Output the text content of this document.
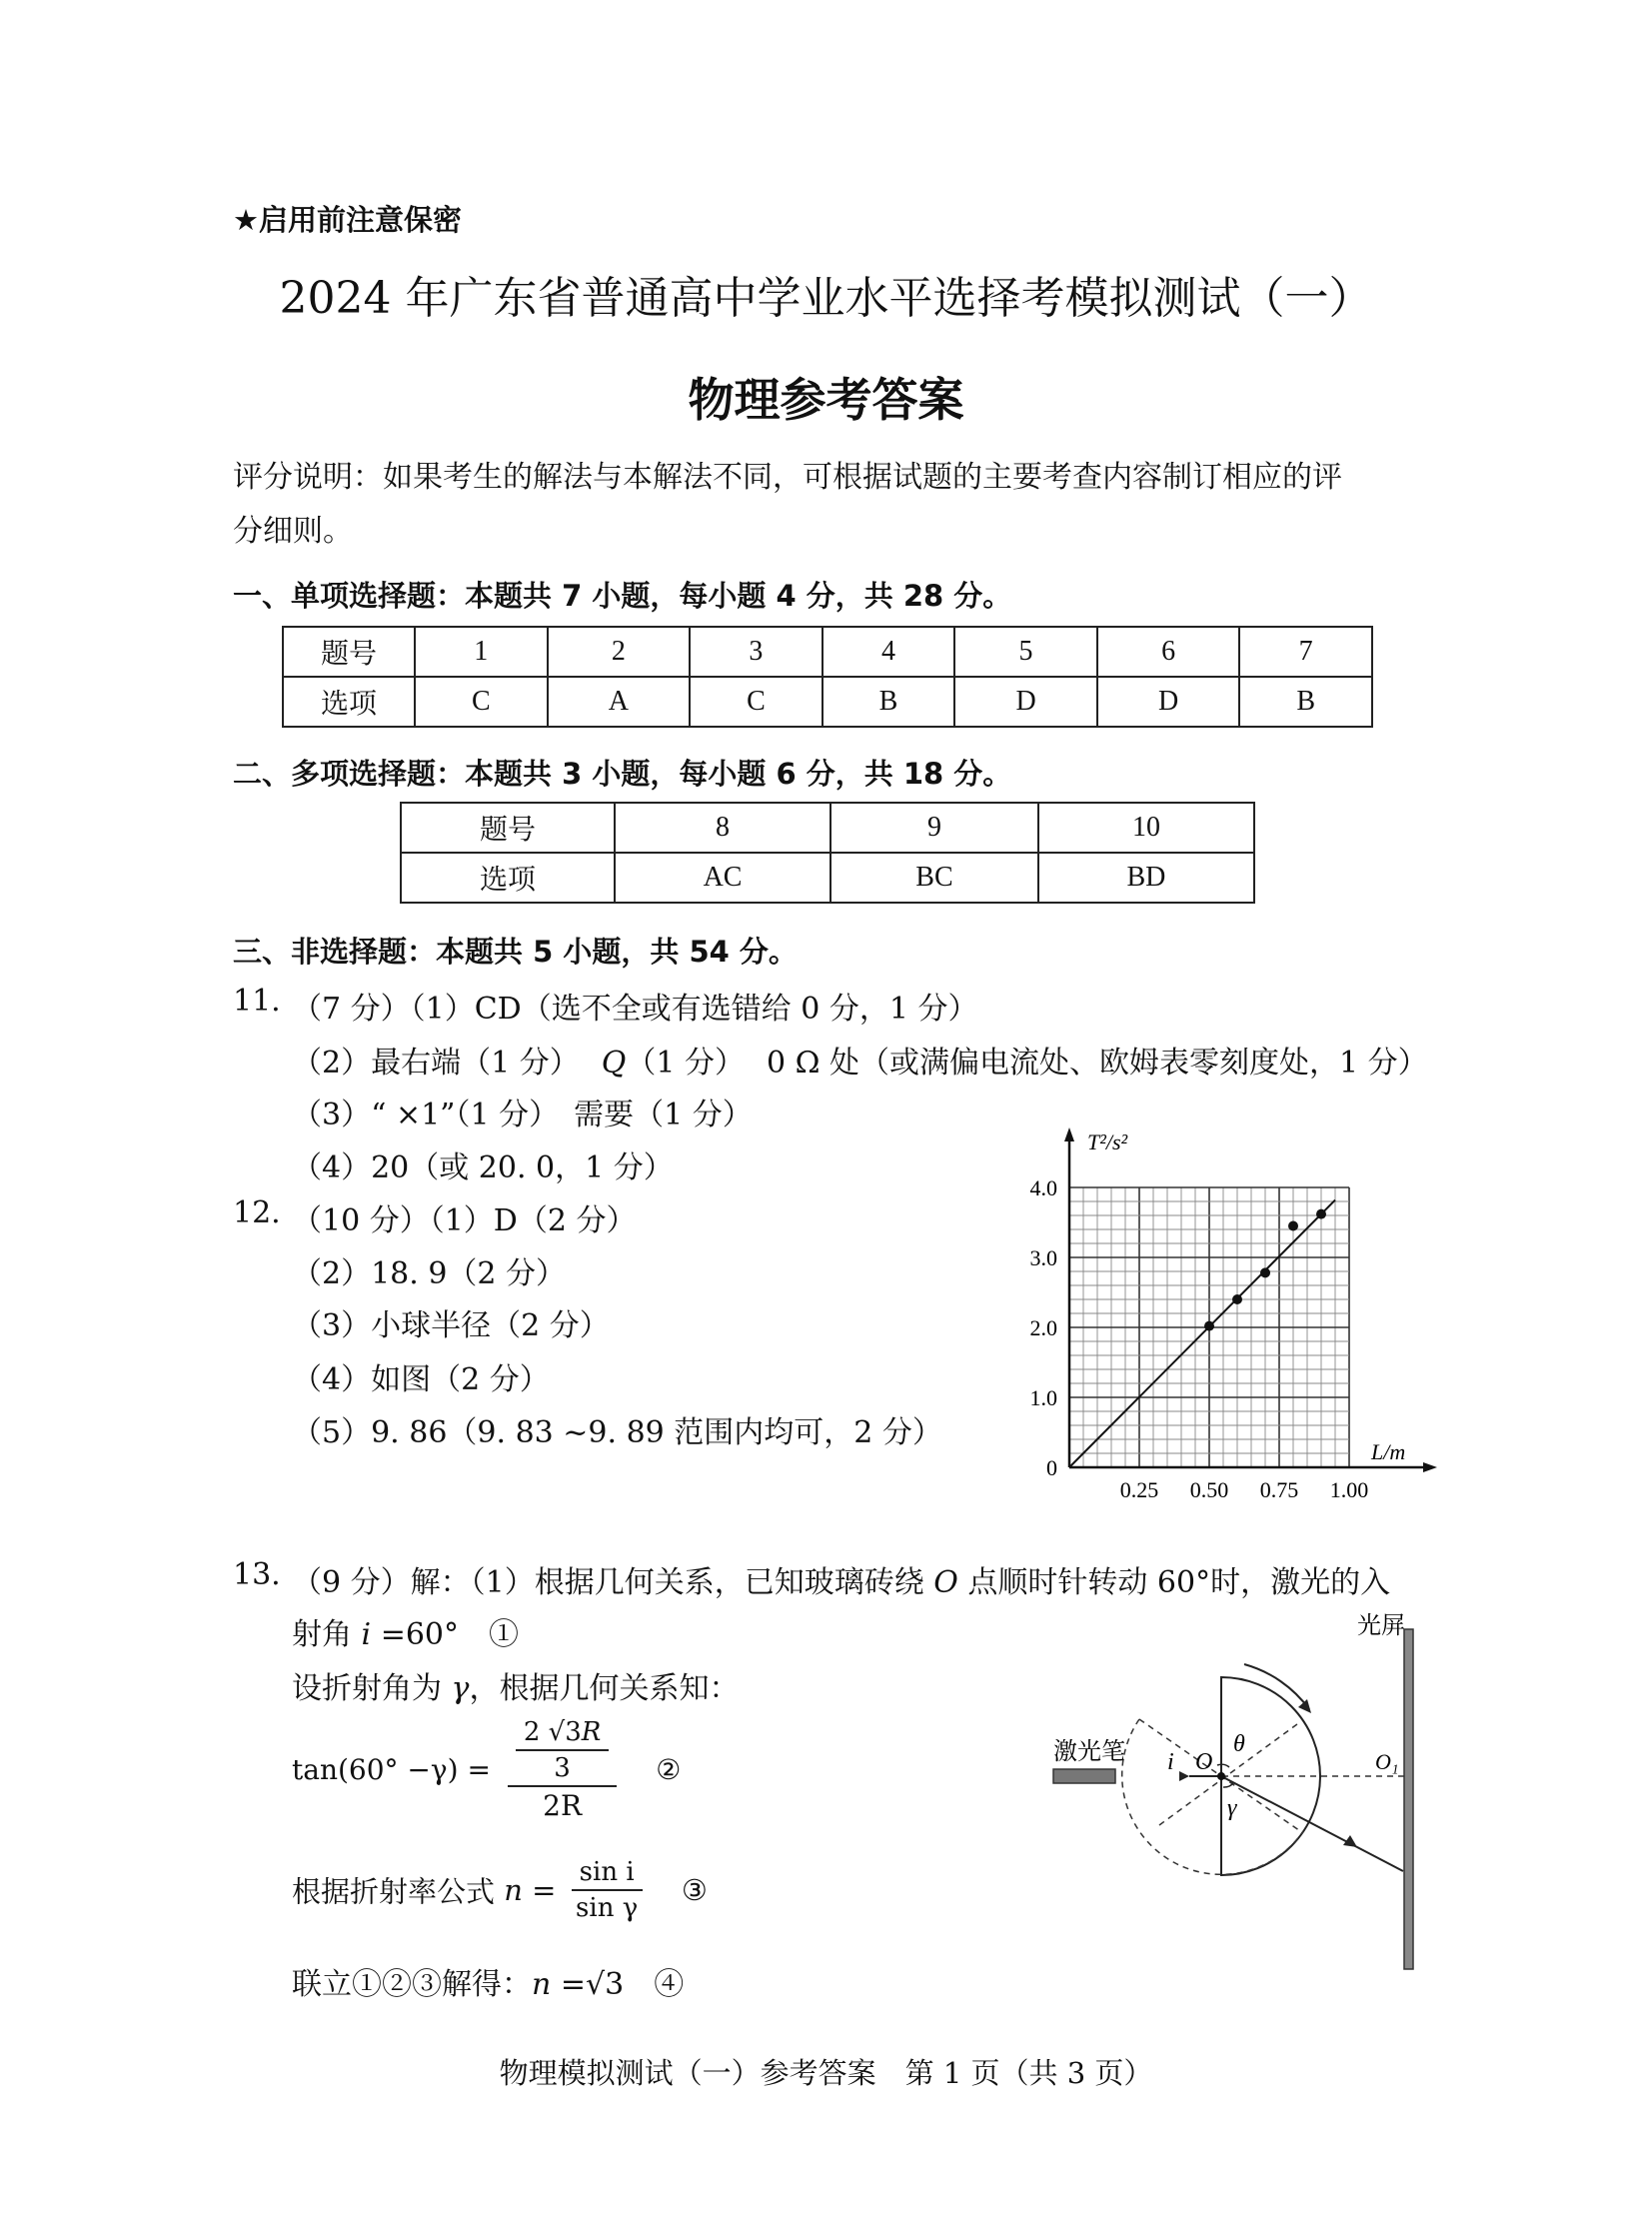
★启用前注意保密
2024 年广东省普通高中学业水平选择考模拟测试（一）
物理参考答案
评分说明：如果考生的解法与本解法不同，可根据试题的主要考查内容制订相应的评
分细则。
一、单项选择题：本题共 7 小题，每小题 4 分，共 28 分。
题号	1	2	3	4	5	6	7
选项	C	A	C	B	D	D	B
二、多项选择题：本题共 3 小题，每小题 6 分，共 18 分。
题号	8	9	10
选项	AC	BC	BD
三、非选择题：本题共 5 小题，共 54 分。
11. （7 分）（1）CD（选不全或有选错给 0 分，1 分）
（2）最右端（1 分） Q（1 分） 0 Ω 处（或满偏电流处、欧姆表零刻度处，1 分）
（3）“ ×1”（1 分）　需要（1 分）
（4）20（或 20. 0，1 分）
12. （10 分）（1）D（2 分）
（2）18. 9（2 分）
（3）小球半径（2 分）
（4）如图（2 分）
（5）9. 86（9. 83 ~9. 89 范围内均可，2 分）
T²/s²
L/m
4.0
3.0
2.0
1.0
0
0.25 0.50 0.75 1.00
13. （9 分）解：（1）根据几何关系，已知玻璃砖绕 O 点顺时针转动 60°时，激光的入
射角 i =60°　①
设折射角为 γ，根据几何关系知：
$\tan(60^\circ -\gamma) = \frac{\frac{2 √3R}{3}}{2R}$ ②
根据折射率公式 $n = \frac{\text{sin i}}{\text{sin γ}}$ ③
联立①②③解得：n =√3　④
光屏
激光笔 i O
θ
γ
O₁
物理模拟测试（一）参考答案　第 1 页（共 3 页）
